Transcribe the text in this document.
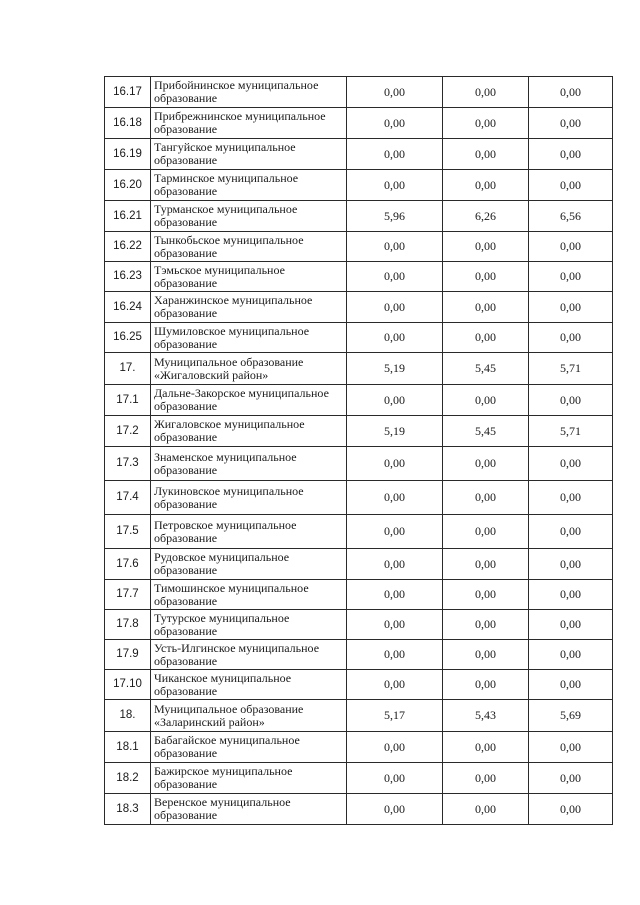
16.17	Прибойнинское муниципальное образование	0,00	0,00	0,00
16.18	Прибрежнинское муниципальное образование	0,00	0,00	0,00
16.19	Тангуйское муниципальное образование	0,00	0,00	0,00
16.20	Тарминское муниципальное образование	0,00	0,00	0,00
16.21	Турманское муниципальное образование	5,96	6,26	6,56
16.22	Тынкобьское муниципальное образование	0,00	0,00	0,00
16.23	Тэмьское муниципальное образование	0,00	0,00	0,00
16.24	Харанжинское муниципальное образование	0,00	0,00	0,00
16.25	Шумиловское муниципальное образование	0,00	0,00	0,00
17.	Муниципальное образование «Жигаловский район»	5,19	5,45	5,71
17.1	Дальне-Закорское муниципальное образование	0,00	0,00	0,00
17.2	Жигаловское муниципальное образование	5,19	5,45	5,71
17.3	Знаменское муниципальное образование	0,00	0,00	0,00
17.4	Лукиновское муниципальное образование	0,00	0,00	0,00
17.5	Петровское муниципальное образование	0,00	0,00	0,00
17.6	Рудовское муниципальное образование	0,00	0,00	0,00
17.7	Тимошинское муниципальное образование	0,00	0,00	0,00
17.8	Тутурское муниципальное образование	0,00	0,00	0,00
17.9	Усть-Илгинское муниципальное образование	0,00	0,00	0,00
17.10	Чиканское муниципальное образование	0,00	0,00	0,00
18.	Муниципальное образование «Заларинский район»	5,17	5,43	5,69
18.1	Бабагайское муниципальное образование	0,00	0,00	0,00
18.2	Бажирское муниципальное образование	0,00	0,00	0,00
18.3	Веренское муниципальное образование	0,00	0,00	0,00
